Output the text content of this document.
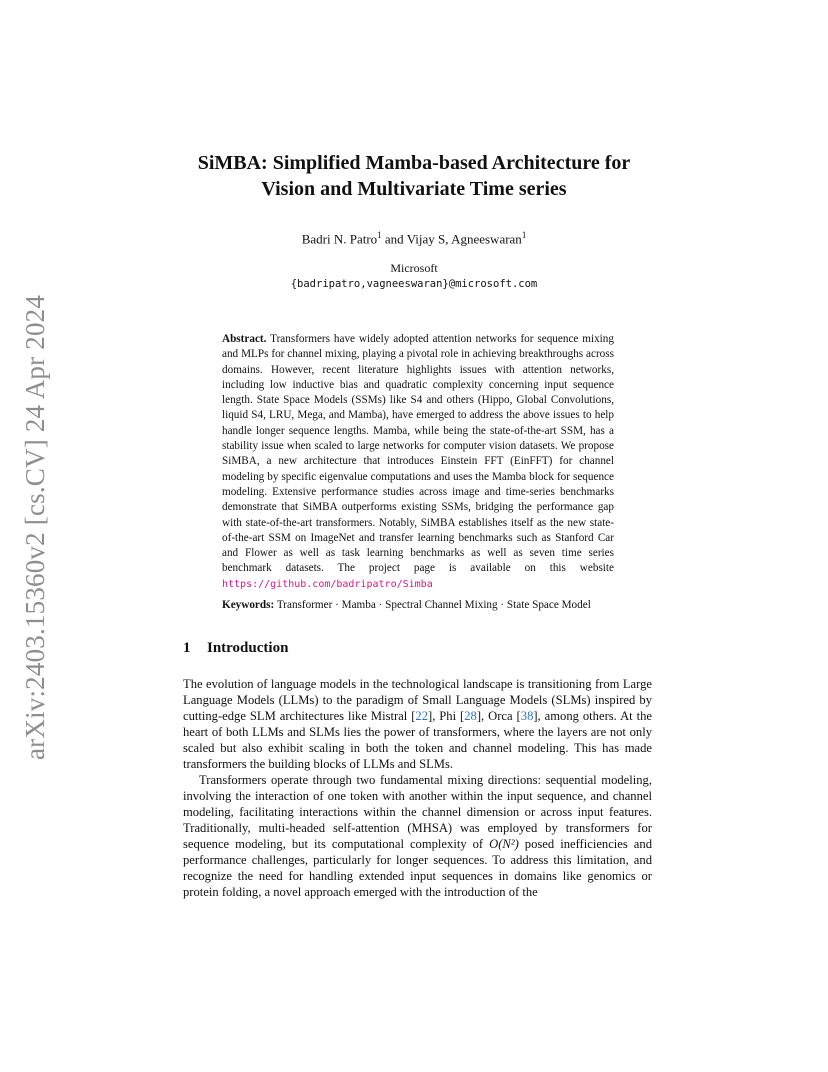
arXiv:2403.15360v2 [cs.CV] 24 Apr 2024
SiMBA: Simplified Mamba-based Architecture for
Vision and Multivariate Time series
Badri N. Patro$^1$ and Vijay S, Agneeswaran$^1$
Microsoft
{badripatro,vagneeswaran}@microsoft.com
Abstract. Transformers have widely adopted attention networks for sequence mixing and MLPs for channel mixing, playing a pivotal role in achieving breakthroughs across domains. However, recent literature highlights issues with attention networks, including low inductive bias and quadratic complexity concerning input sequence length. State Space Models (SSMs) like S4 and others (Hippo, Global Convolutions, liquid S4, LRU, Mega, and Mamba), have emerged to address the above issues to help handle longer sequence lengths. Mamba, while being the state-of-the-art SSM, has a stability issue when scaled to large networks for computer vision datasets. We propose SiMBA, a new architecture that introduces Einstein FFT (EinFFT) for channel modeling by specific eigenvalue computations and uses the Mamba block for sequence modeling. Extensive performance studies across image and time-series benchmarks demonstrate that SiMBA outperforms existing SSMs, bridging the performance gap with state-of-the-art transformers. Notably, SiMBA establishes itself as the new state-of-the-art SSM on ImageNet and transfer learning benchmarks such as Stanford Car and Flower as well as task learning benchmarks as well as seven time series benchmark datasets. The project page is available on this website https://github.com/badripatro/Simba
Keywords: Transformer · Mamba · Spectral Channel Mixing · State Space Model
1 Introduction

The evolution of language models in the technological landscape is transitioning from Large Language Models (LLMs) to the paradigm of Small Language Models (SLMs) inspired by cutting-edge SLM architectures like Mistral [22], Phi [28], Orca [38], among others. At the heart of both LLMs and SLMs lies the power of transformers, where the layers are not only scaled but also exhibit scaling in both the token and channel modeling. This has made transformers the building blocks of LLMs and SLMs.

Transformers operate through two fundamental mixing directions: sequential modeling, involving the interaction of one token with another within the input sequence, and channel modeling, facilitating interactions within the channel dimension or across input features. Traditionally, multi-headed self-attention (MHSA) was employed by transformers for sequence modeling, but its computational complexity of O(N²) posed inefficiencies and performance challenges, particularly for longer sequences. To address this limitation, and recognize the need for handling extended input sequences in domains like genomics or protein folding, a novel approach emerged with the introduction of the
